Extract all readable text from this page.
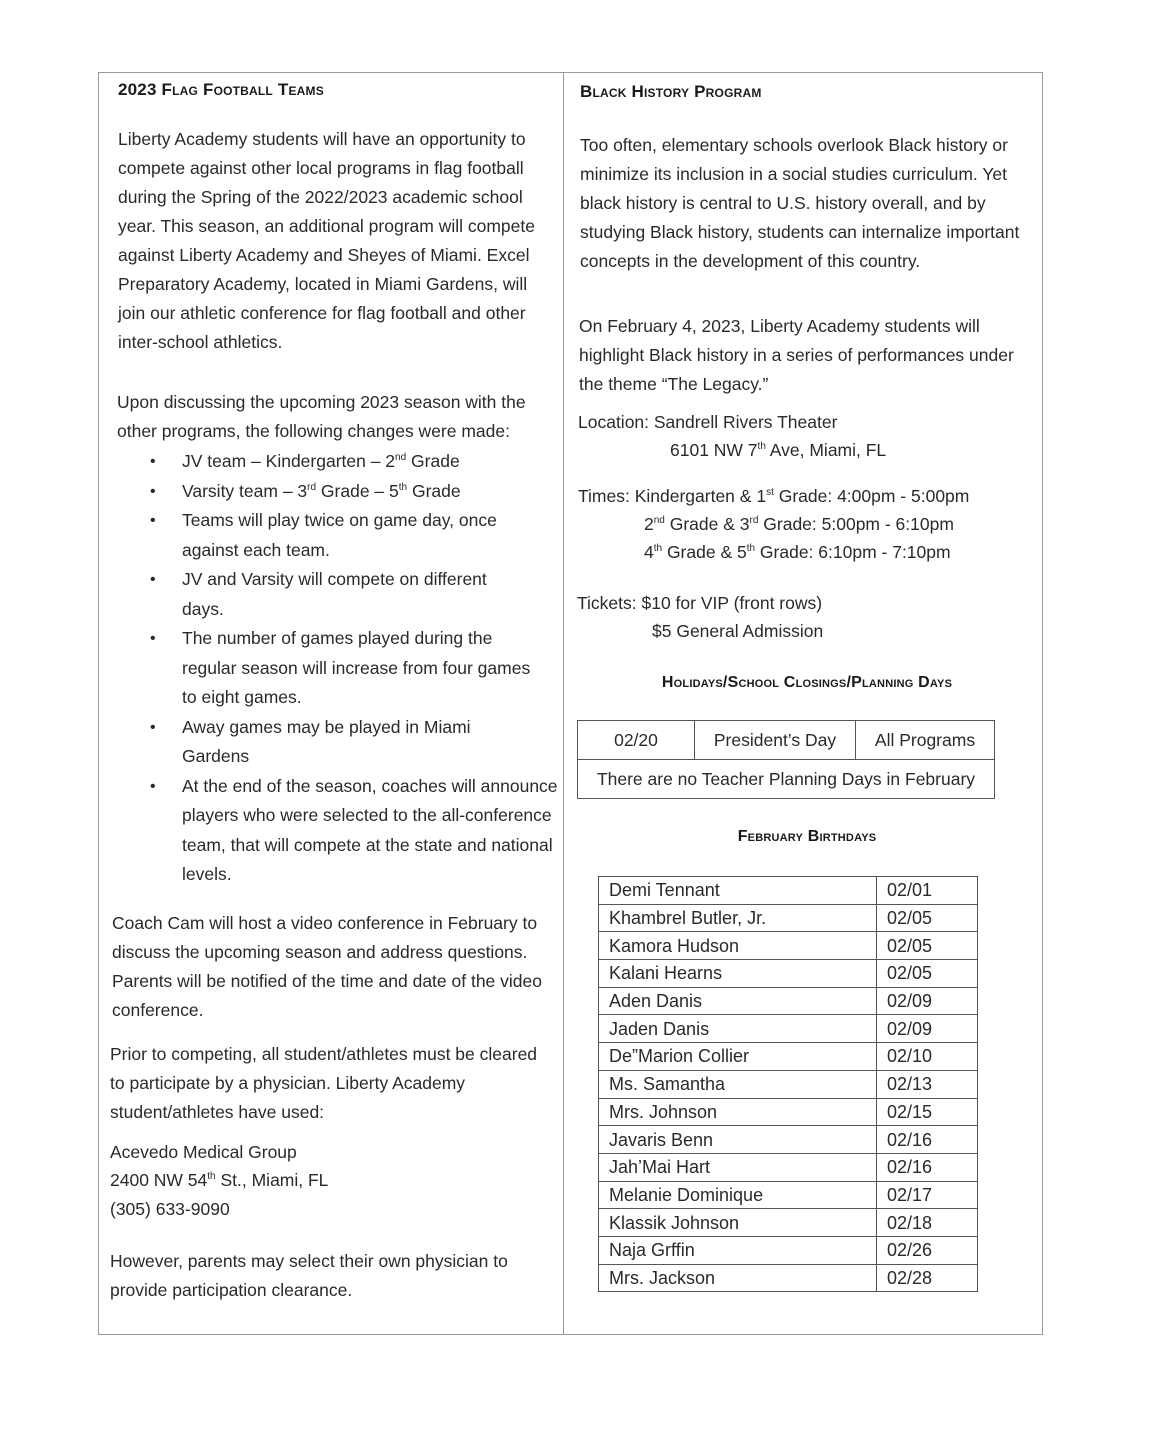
2023 Flag Football Teams
Liberty Academy students will have an opportunity to compete against other local programs in flag football during the Spring of the 2022/2023 academic school year. This season, an additional program will compete against Liberty Academy and Sheyes of Miami. Excel Preparatory Academy, located in Miami Gardens, will join our athletic conference for flag football and other inter-school athletics.
Upon discussing the upcoming 2023 season with the other programs, the following changes were made:
• JV team – Kindergarten – 2nd Grade
• Varsity team – 3rd Grade – 5th Grade
• Teams will play twice on game day, once against each team.
• JV and Varsity will compete on different days.
• The number of games played during the regular season will increase from four games to eight games.
• Away games may be played in Miami Gardens
• At the end of the season, coaches will announce players who were selected to the all-conference team, that will compete at the state and national levels.
Coach Cam will host a video conference in February to discuss the upcoming season and address questions. Parents will be notified of the time and date of the video conference.
Prior to competing, all student/athletes must be cleared to participate by a physician. Liberty Academy student/athletes have used:
Acevedo Medical Group
2400 NW 54th St., Miami, FL
(305) 633-9090
However, parents may select their own physician to provide participation clearance.
Black History Program
Too often, elementary schools overlook Black history or minimize its inclusion in a social studies curriculum. Yet black history is central to U.S. history overall, and by studying Black history, students can internalize important concepts in the development of this country.
On February 4, 2023, Liberty Academy students will highlight Black history in a series of performances under the theme “The Legacy.”
Location: Sandrell Rivers Theater
6101 NW 7th Ave, Miami, FL
Times: Kindergarten & 1st Grade: 4:00pm - 5:00pm
2nd Grade & 3rd Grade: 5:00pm - 6:10pm
4th Grade & 5th Grade: 6:10pm - 7:10pm
Tickets: $10 for VIP (front rows)
$5 General Admission
Holidays/School Closings/Planning Days
02/20	President’s Day	All Programs
There are no Teacher Planning Days in February
February Birthdays
Demi Tennant	02/01
Khambrel Butler, Jr.	02/05
Kamora Hudson	02/05
Kalani Hearns	02/05
Aden Danis	02/09
Jaden Danis	02/09
De”Marion Collier	02/10
Ms. Samantha	02/13
Mrs. Johnson	02/15
Javaris Benn	02/16
Jah’Mai Hart	02/16
Melanie Dominique	02/17
Klassik Johnson	02/18
Naja Grffin	02/26
Mrs. Jackson	02/28
